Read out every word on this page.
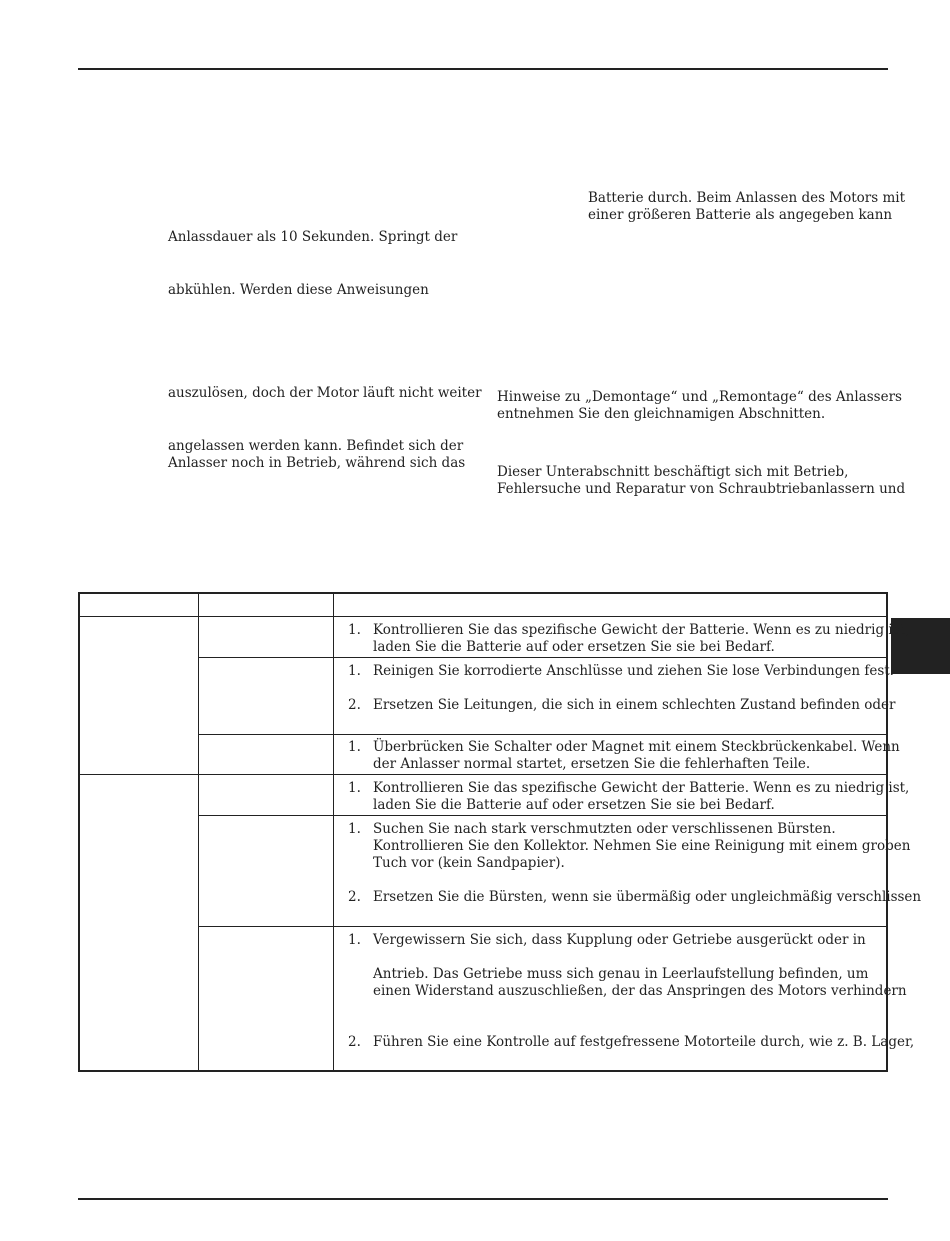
Anlassdauer als 10 Sekunden. Springt der
abkühlen. Werden diese Anweisungen
auszulösen, doch der Motor läuft nicht weiter
angelassen werden kann. Befindet sich der
Anlasser noch in Betrieb, während sich das
Batterie durch. Beim Anlassen des Motors mit
einer größeren Batterie als angegeben kann
Hinweise zu „Demontage“ und „Remontage“ des Anlassers
entnehmen Sie den gleichnamigen Abschnitten.
Dieser Unterabschnitt beschäftigt sich mit Betrieb,
Fehlersuche und Reparatur von Schraubtriebanlassern und
1. Kontrollieren Sie das spezifische Gewicht der Batterie. Wenn es zu niedrig ist,
laden Sie die Batterie auf oder ersetzen Sie sie bei Bedarf.
1. Reinigen Sie korrodierte Anschlüsse und ziehen Sie lose Verbindungen fest.
2. Ersetzen Sie Leitungen, die sich in einem schlechten Zustand befinden oder
1. Überbrücken Sie Schalter oder Magnet mit einem Steckbrückenkabel. Wenn
der Anlasser normal startet, ersetzen Sie die fehlerhaften Teile.
1. Kontrollieren Sie das spezifische Gewicht der Batterie. Wenn es zu niedrig ist,
laden Sie die Batterie auf oder ersetzen Sie sie bei Bedarf.
1. Suchen Sie nach stark verschmutzten oder verschlissenen Bürsten.
Kontrollieren Sie den Kollektor. Nehmen Sie eine Reinigung mit einem groben
Tuch vor (kein Sandpapier).
2. Ersetzen Sie die Bürsten, wenn sie übermäßig oder ungleichmäßig verschlissen
1. Vergewissern Sie sich, dass Kupplung oder Getriebe ausgerückt oder in
Antrieb. Das Getriebe muss sich genau in Leerlaufstellung befinden, um
einen Widerstand auszuschließen, der das Anspringen des Motors verhindern
2. Führen Sie eine Kontrolle auf festgefressene Motorteile durch, wie z. B. Lager,
